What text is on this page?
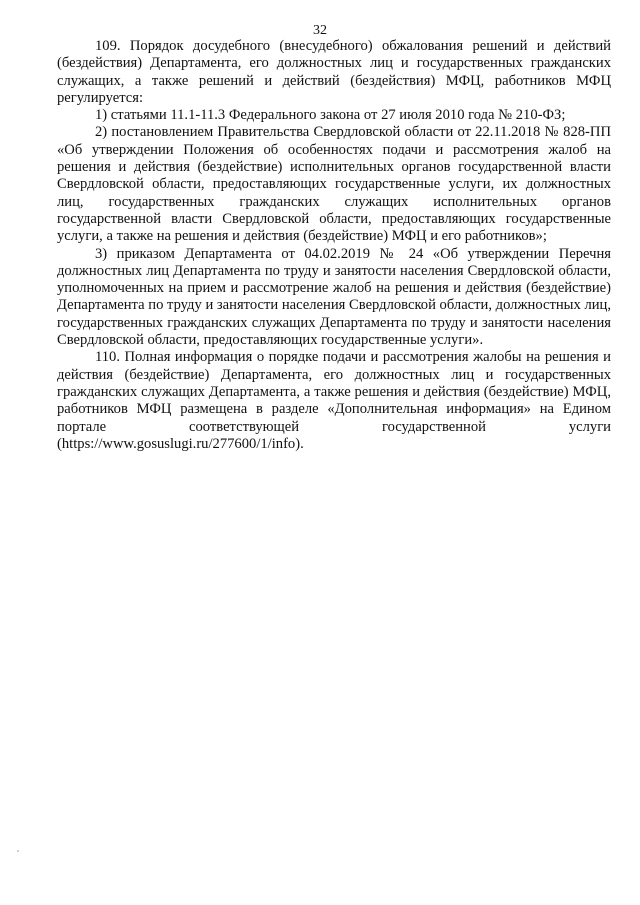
32

109. Порядок досудебного (внесудебного) обжалования решений и действий (бездействия) Департамента, его должностных лиц и государственных гражданских служащих, а также решений и действий (бездействия) МФЦ, работников МФЦ регулируется:

1) статьями 11.1-11.3 Федерального закона от 27 июля 2010 года № 210-ФЗ;

2) постановлением Правительства Свердловской области от 22.11.2018 № 828-ПП «Об утверждении Положения об особенностях подачи и рассмотрения жалоб на решения и действия (бездействие) исполнительных органов государственной власти Свердловской области, предоставляющих государственные услуги, их должностных лиц, государственных гражданских служащих исполнительных органов государственной власти Свердловской области, предоставляющих государственные услуги, а также на решения и действия (бездействие) МФЦ и его работников»;

3) приказом Департамента от 04.02.2019 № 24 «Об утверждении Перечня должностных лиц Департамента по труду и занятости населения Свердловской области, уполномоченных на прием и рассмотрение жалоб на решения и действия (бездействие) Департамента по труду и занятости населения Свердловской области, должностных лиц, государственных гражданских служащих Департамента по труду и занятости населения Свердловской области, предоставляющих государственные услуги».

110. Полная информация о порядке подачи и рассмотрения жалобы на решения и действия (бездействие) Департамента, его должностных лиц и государственных гражданских служащих Департамента, а также решения и действия (бездействие) МФЦ, работников МФЦ размещена в разделе «Дополнительная информация» на Едином портале соответствующей государственной услуги (https://www.gosuslugi.ru/277600/1/info).
